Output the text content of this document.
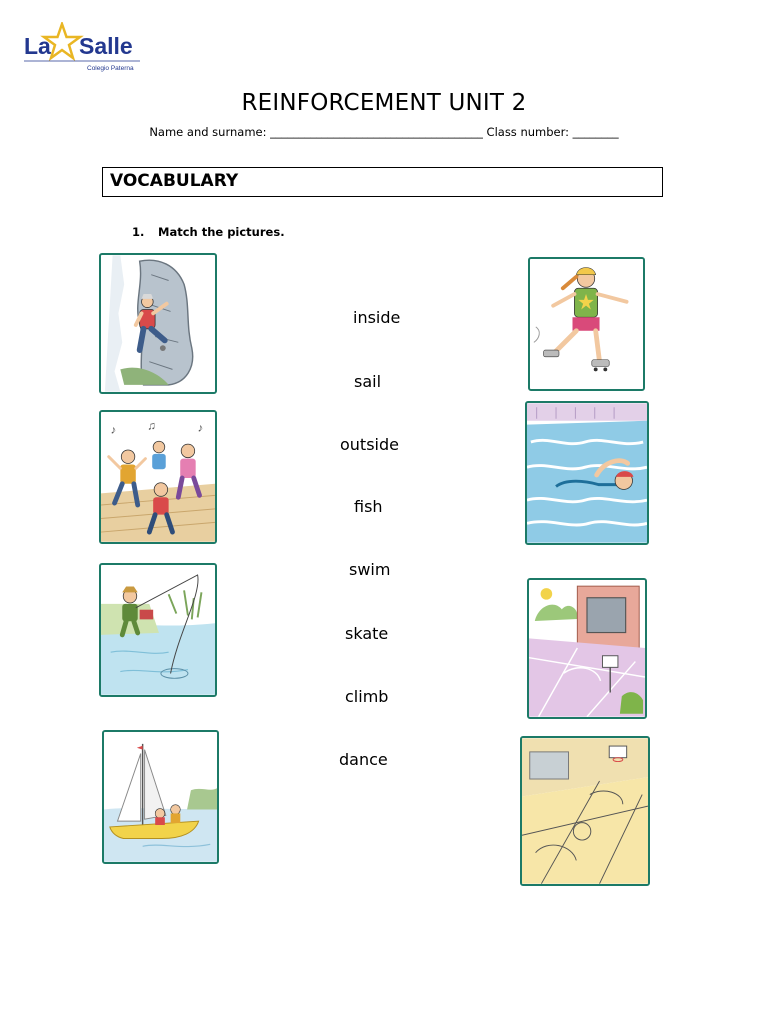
La Salle
Colegio Paterna
REINFORCEMENT UNIT 2
Name and surname: _____________________________________ Class number: ________
VOCABULARY
1. Match the pictures.
♪	♫	♪
inside
sail
outside
fish
swim
skate
climb
dance
